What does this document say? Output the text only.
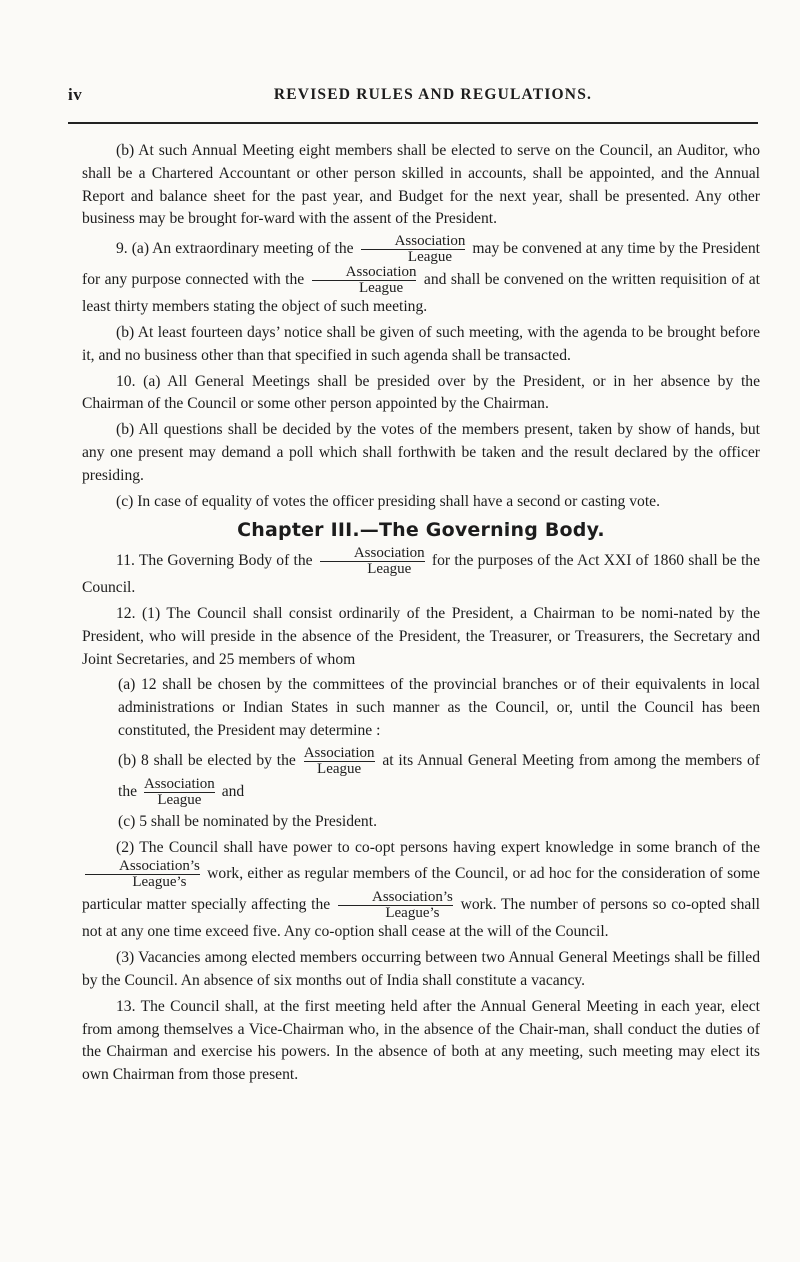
iv	REVISED RULES AND REGULATIONS.

(b) At such Annual Meeting eight members shall be elected to serve on the Council, an Auditor, who shall be a Chartered Accountant or other person skilled in accounts, shall be appointed, and the Annual Report and balance sheet for the past year, and Budget for the next year, shall be presented. Any other business may be brought for-ward with the assent of the President.

9. (a) An extraordinary meeting of the $\frac{\text{Association}}{\text{League}}$ may be convened at any time by the President for any purpose connected with the $\frac{\text{Association}}{\text{League}}$ and shall be convened on the written requisition of at least thirty members stating the object of such meeting.

(b) At least fourteen days’ notice shall be given of such meeting, with the agenda to be brought before it, and no business other than that specified in such agenda shall be transacted.

10. (a) All General Meetings shall be presided over by the President, or in her absence by the Chairman of the Council or some other person appointed by the Chairman.

(b) All questions shall be decided by the votes of the members present, taken by show of hands, but any one present may demand a poll which shall forthwith be taken and the result declared by the officer presiding.

(c) In case of equality of votes the officer presiding shall have a second or casting vote.

Chapter III.—The Governing Body.

11. The Governing Body of the $\frac{\text{Association}}{\text{League}}$ for the purposes of the Act XXI of 1860 shall be the Council.

12. (1) The Council shall consist ordinarily of the President, a Chairman to be nomi-nated by the President, who will preside in the absence of the President, the Treasurer, or Treasurers, the Secretary and Joint Secretaries, and 25 members of whom

(a) 12 shall be chosen by the committees of the provincial branches or of their equivalents in local administrations or Indian States in such manner as the Council, or, until the Council has been constituted, the President may determine :

(b) 8 shall be elected by the $\frac{\text{Association}}{\text{League}}$ at its Annual General Meeting from among the members of the $\frac{\text{Association}}{\text{League}}$ and

(c) 5 shall be nominated by the President.

(2) The Council shall have power to co-opt persons having expert knowledge in some branch of the
$\frac{\text{Association’s}}{\text{League’s}}$ work, either as regular members of the Council, or ad hoc for the consideration of some particular matter specially affecting the $\frac{\text{Association’s}}{\text{League’s}}$ work. The number of persons so co-opted shall not at any one time exceed five. Any co-option shall cease at the will of the Council.

(3) Vacancies among elected members occurring between two Annual General Meetings shall be filled by the Council. An absence of six months out of India shall constitute a vacancy.

13. The Council shall, at the first meeting held after the Annual General Meeting in each year, elect from among themselves a Vice-Chairman who, in the absence of the Chair-man, shall conduct the duties of the Chairman and exercise his powers. In the absence of both at any meeting, such meeting may elect its own Chairman from those present.
